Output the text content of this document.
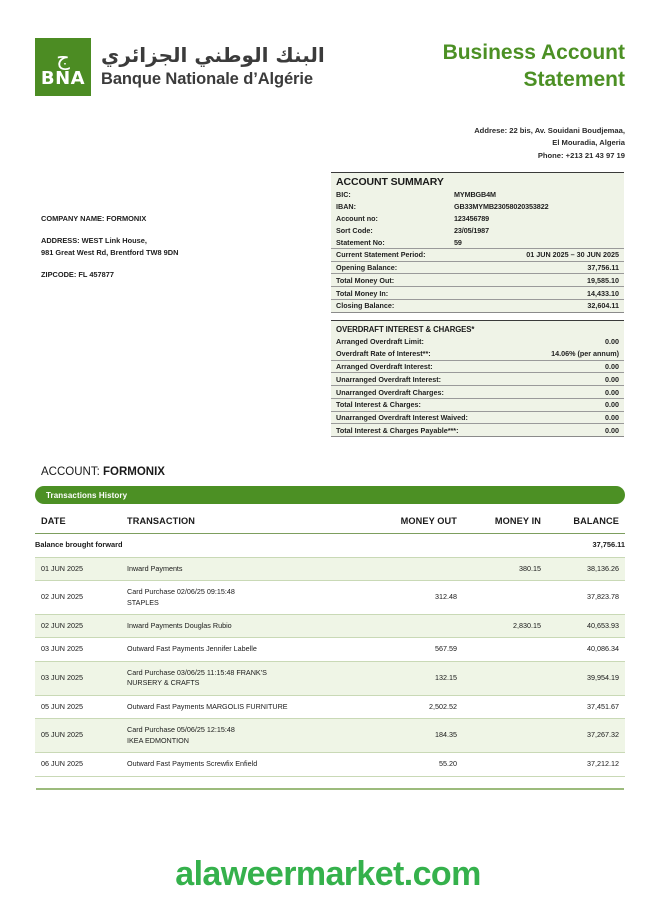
ج
BNA
البنك الوطني الجزائري
Banque Nationale d’Algérie
Business Account Statement
Addresе: 22 bis, Av. Souidani Boudjemaa,
El Mouradia, Algeria
Phone: +213 21 43 97 19
COMPANY NAME: FORMONIX
ADDRESS: WEST Link House,
981 Great West Rd, Brentford TW8 9DN
ZIPCODE: FL 457877
ACCOUNT SUMMARY
BIC:	MYMBGB4M
IBAN:	GB33MYMB23058020353822
Account no:	123456789
Sort Code:	23/05/1987
Statement No:	59
Current Statement Period:	01 JUN 2025 – 30 JUN 2025
Opening Balance:	37,756.11
Total Money Out:	19,585.10
Total Money In:	14,433.10
Closing Balance:	32,604.11
OVERDRAFT INTEREST & CHARGES*
Arranged Overdraft Limit:	0.00
Overdraft Rate of Interest**:	14.06% (per annum)
Arranged Overdraft Interest:	0.00
Unarranged Overdraft Interest:	0.00
Unarranged Overdraft Charges:	0.00
Total Interest & Charges:	0.00
Unarranged Overdraft Interest Waived:	0.00
Total Interest & Charges Payable***:	0.00
ACCOUNT: FORMONIX
Transactions History
DATE	TRANSACTION	MONEY OUT	MONEY IN	BALANCE
Balance brought forward				37,756.11
01 JUN 2025	Inward Payments		380.15	38,136.26
02 JUN 2025	Card Purchase 02/06/25 09:15:48
STAPLES	312.48		37,823.78
02 JUN 2025	Inward Payments Douglas Rubio		2,830.15	40,653.93
03 JUN 2025	Outward Fast Payments Jennifer Labelle	567.59		40,086.34
03 JUN 2025	Card Purchase 03/06/25 11:15:48 FRANK'S
NURSERY & CRAFTS	132.15		39,954.19
05 JUN 2025	Outward Fast Payments MARGOLIS FURNITURE	2,502.52		37,451.67
05 JUN 2025	Card Purchase 05/06/25 12:15:48
IKEA EDMONTION	184.35		37,267.32
06 JUN 2025	Outward Fast Payments Screwfix Enfield	55.20		37,212.12
alaweermarket.com
